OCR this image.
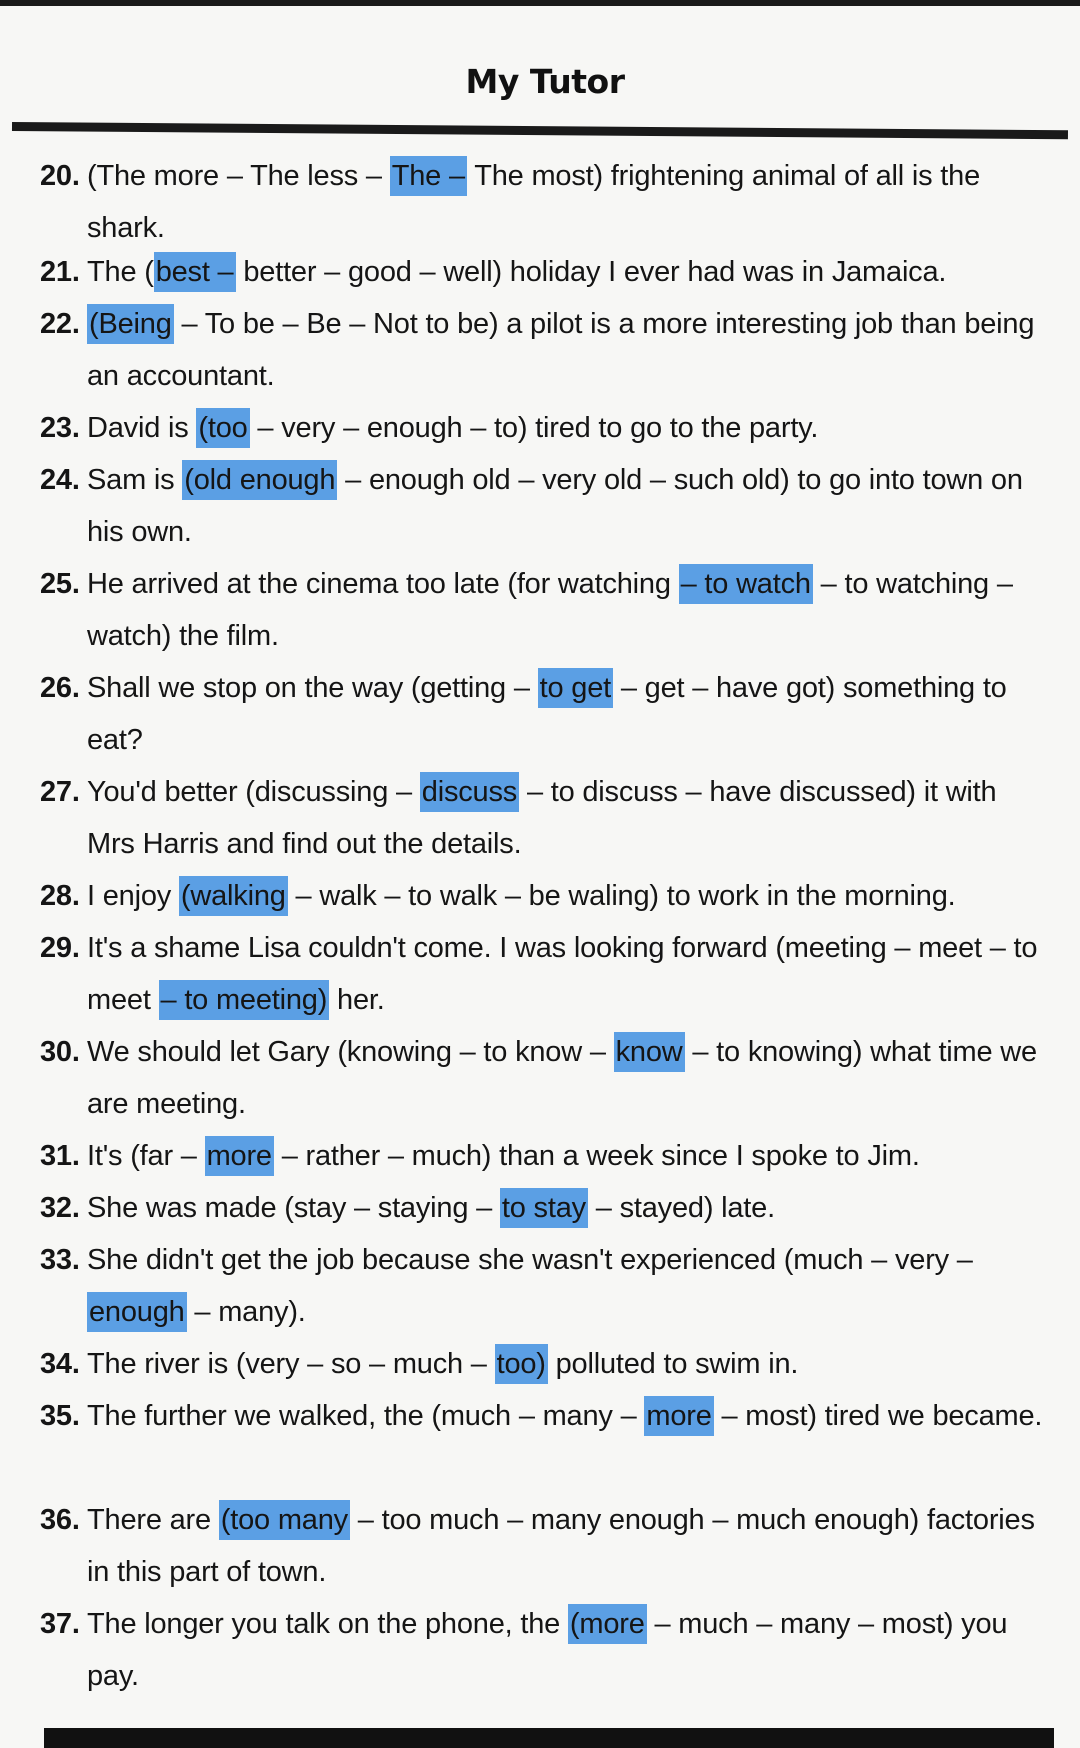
My Tutor
20. (The more – The less – The – The most) frightening animal of all is the shark.
21. The (best – better – good – well) holiday I ever had was in Jamaica.
22. (Being – To be – Be – Not to be) a pilot is a more interesting job than being an accountant.
23. David is (too – very – enough – to) tired to go to the party.
24. Sam is (old enough – enough old – very old – such old) to go into town on his own.
25. He arrived at the cinema too late (for watching – to watch – to watching – watch) the film.
26. Shall we stop on the way (getting – to get – get – have got) something to eat?
27. You'd better (discussing – discuss – to discuss – have discussed) it with Mrs Harris and find out the details.
28. I enjoy (walking – walk – to walk – be waling) to work in the morning.
29. It's a shame Lisa couldn't come. I was looking forward (meeting – meet – to meet – to meeting) her.
30. We should let Gary (knowing – to know – know – to knowing) what time we are meeting.
31. It's (far – more – rather – much) than a week since I spoke to Jim.
32. She was made (stay – staying – to stay – stayed) late.
33. She didn't get the job because she wasn't experienced (much – very – enough – many).
34. The river is (very – so – much – too) polluted to swim in.
35. The further we walked, the (much – many – more – most) tired we became.
36. There are (too many – too much – many enough – much enough) factories in this part of town.
37. The longer you talk on the phone, the (more – much – many – most) you pay.
